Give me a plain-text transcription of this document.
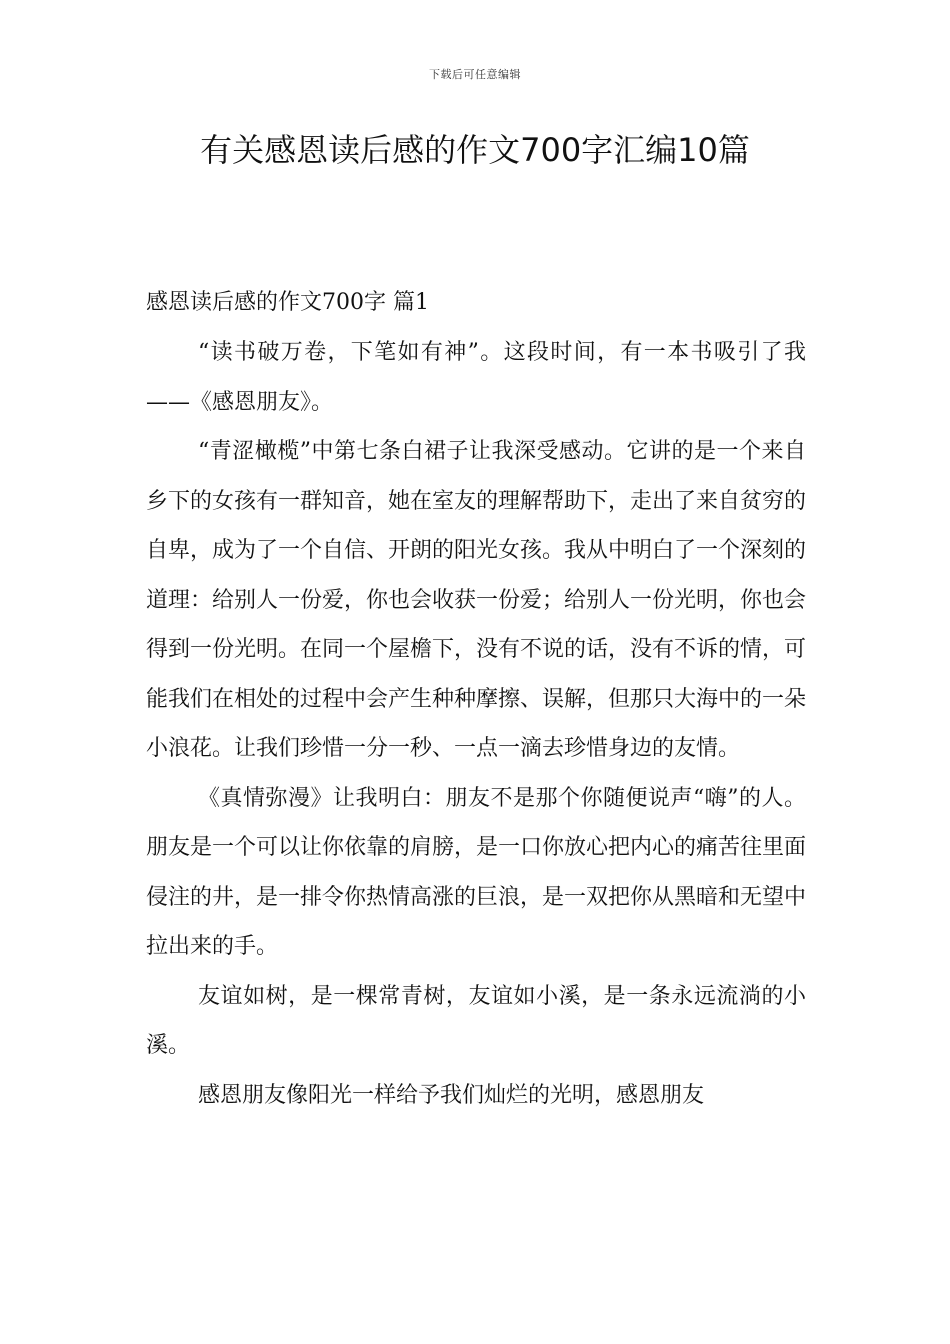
下载后可任意编辑
有关感恩读后感的作文700字汇编10篇
感恩读后感的作文700字 篇1

“读书破万卷，下笔如有神”。这段时间，有一本书吸引了我——《感恩朋友》。

“青涩橄榄”中第七条白裙子让我深受感动。它讲的是一个来自乡下的女孩有一群知音，她在室友的理解帮助下，走出了来自贫穷的自卑，成为了一个自信、开朗的阳光女孩。我从中明白了一个深刻的道理：给别人一份爱，你也会收获一份爱；给别人一份光明，你也会得到一份光明。在同一个屋檐下，没有不说的话，没有不诉的情，可能我们在相处的过程中会产生种种摩擦、误解，但那只大海中的一朵小浪花。让我们珍惜一分一秒、一点一滴去珍惜身边的友情。

《真情弥漫》让我明白：朋友不是那个你随便说声“嗨”的人。朋友是一个可以让你依靠的肩膀，是一口你放心把内心的痛苦往里面侵注的井，是一排令你热情高涨的巨浪，是一双把你从黑暗和无望中拉出来的手。

友谊如树，是一棵常青树，友谊如小溪，是一条永远流淌的小溪。

感恩朋友像阳光一样给予我们灿烂的光明，感恩朋友
